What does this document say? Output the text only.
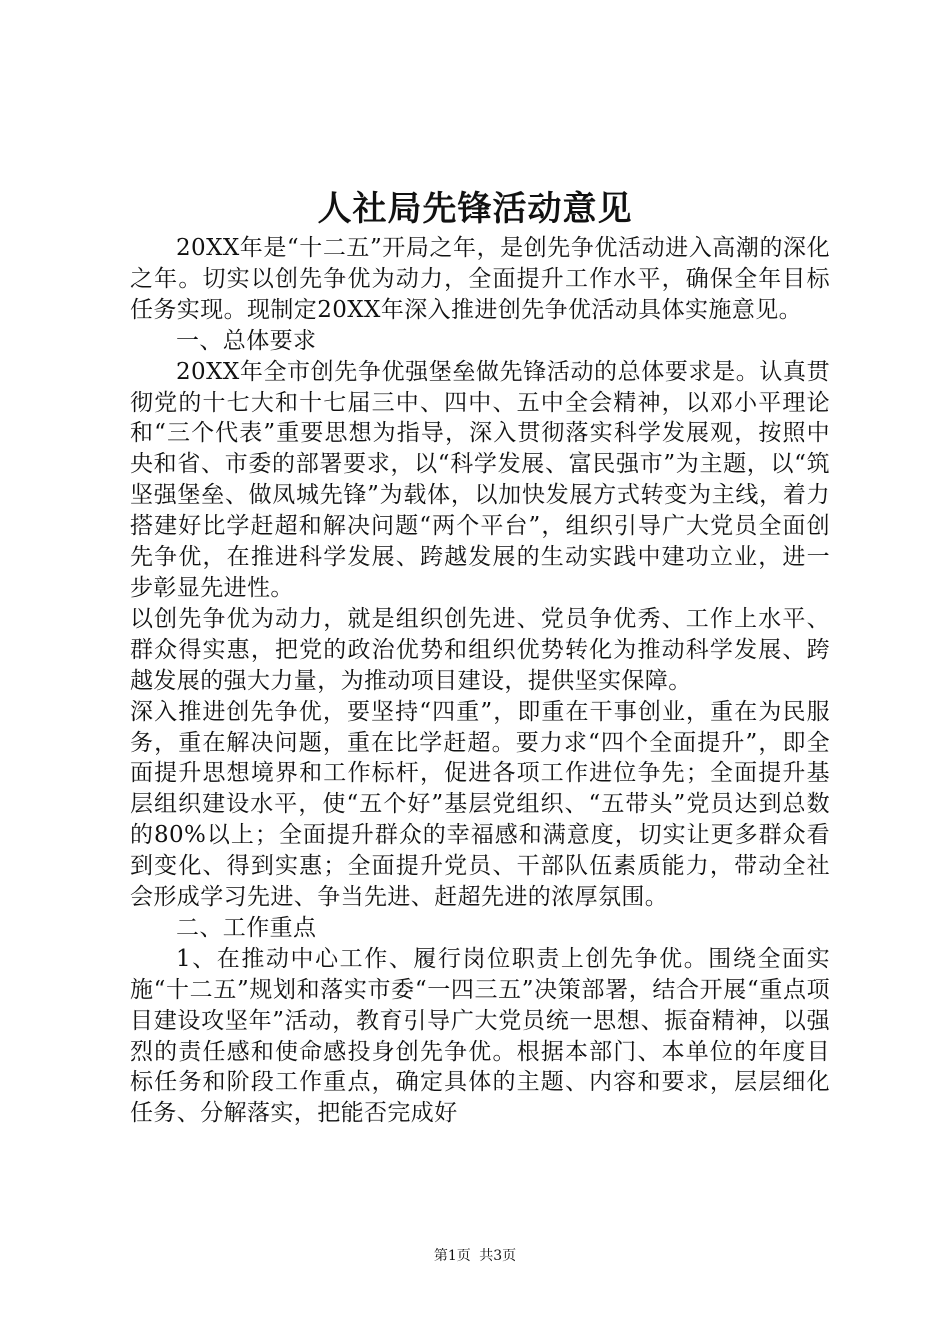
人社局先锋活动意见

20XX年是“十二五”开局之年，是创先争优活动进入高潮的深化之年。切实以创先争优为动力，全面提升工作水平，确保全年目标任务实现。现制定20XX年深入推进创先争优活动具体实施意见。

一、总体要求

20XX年全市创先争优强堡垒做先锋活动的总体要求是。认真贯彻党的十七大和十七届三中、四中、五中全会精神，以邓小平理论和“三个代表”重要思想为指导，深入贯彻落实科学发展观，按照中央和省、市委的部署要求，以“科学发展、富民强市”为主题，以“筑坚强堡垒、做凤城先锋”为载体，以加快发展方式转变为主线，着力搭建好比学赶超和解决问题“两个平台”，组织引导广大党员全面创先争优，在推进科学发展、跨越发展的生动实践中建功立业，进一步彰显先进性。

以创先争优为动力，就是组织创先进、党员争优秀、工作上水平、群众得实惠，把党的政治优势和组织优势转化为推动科学发展、跨越发展的强大力量，为推动项目建设，提供坚实保障。

深入推进创先争优，要坚持“四重”，即重在干事创业，重在为民服务，重在解决问题，重在比学赶超。要力求“四个全面提升”，即全面提升思想境界和工作标杆，促进各项工作进位争先；全面提升基层组织建设水平，使“五个好”基层党组织、“五带头”党员达到总数的80%以上；全面提升群众的幸福感和满意度，切实让更多群众看到变化、得到实惠；全面提升党员、干部队伍素质能力，带动全社会形成学习先进、争当先进、赶超先进的浓厚氛围。

二、工作重点

1、在推动中心工作、履行岗位职责上创先争优。围绕全面实施“十二五”规划和落实市委“一四三五”决策部署，结合开展“重点项目建设攻坚年”活动，教育引导广大党员统一思想、振奋精神，以强烈的责任感和使命感投身创先争优。根据本部门、本单位的年度目标任务和阶段工作重点，确定具体的主题、内容和要求，层层细化任务、分解落实，把能否完成好

第1页 共3页
